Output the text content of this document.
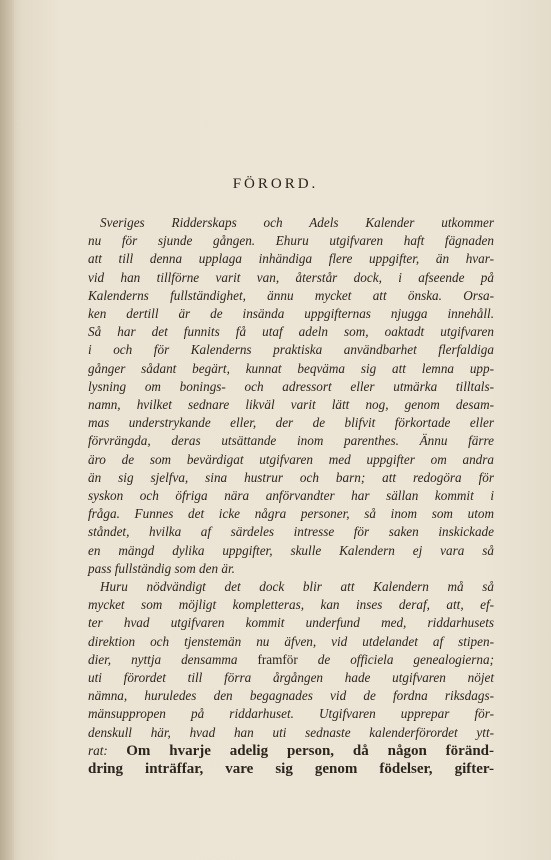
FÖRORD.
Sveriges Ridderskaps och Adels Kalender utkommer
nu för sjunde gången. Ehuru utgifvaren haft fägnaden
att till denna upplaga inhändiga flere uppgifter, än hvar-
vid han tillförne varit van, återstår dock, i afseende på
Kalenderns fullständighet, ännu mycket att önska. Orsa-
ken dertill är de insända uppgifternas njugga innehåll.
Så har det funnits få utaf adeln som, oaktadt utgifvaren
i och för Kalenderns praktiska användbarhet flerfaldiga
gånger sådant begärt, kunnat beqväma sig att lemna upp-
lysning om bonings- och adressort eller utmärka tilltals-
namn, hvilket sednare likväl varit lätt nog, genom desam-
mas understrykande eller, der de blifvit förkortade eller
förvrängda, deras utsättande inom parenthes. Ännu färre
äro de som bevärdigat utgifvaren med uppgifter om andra
än sig sjelfva, sina hustrur och barn; att redogöra för
syskon och öfriga nära anförvandter har sällan kommit i
fråga. Funnes det icke några personer, så inom som utom
ståndet, hvilka af särdeles intresse för saken inskickade
en mängd dylika uppgifter, skulle Kalendern ej vara så
pass fullständig som den är.
Huru nödvändigt det dock blir att Kalendern må så
mycket som möjligt kompletteras, kan inses deraf, att, ef-
ter hvad utgifvaren kommit underfund med, riddarhusets
direktion och tjenstemän nu äfven, vid utdelandet af stipen-
dier, nyttja densamma framför de officiela genealogierna;
uti förordet till förra årgången hade utgifvaren nöjet
nämna, huruledes den begagnades vid de fordna riksdags-
mänsuppropen på riddarhuset. Utgifvaren upprepar för-
denskull här, hvad han uti sednaste kalenderförordet ytt-
rat: Om hvarje adelig person, då någon föränd-
dring inträffar, vare sig genom födelser, gifter-
